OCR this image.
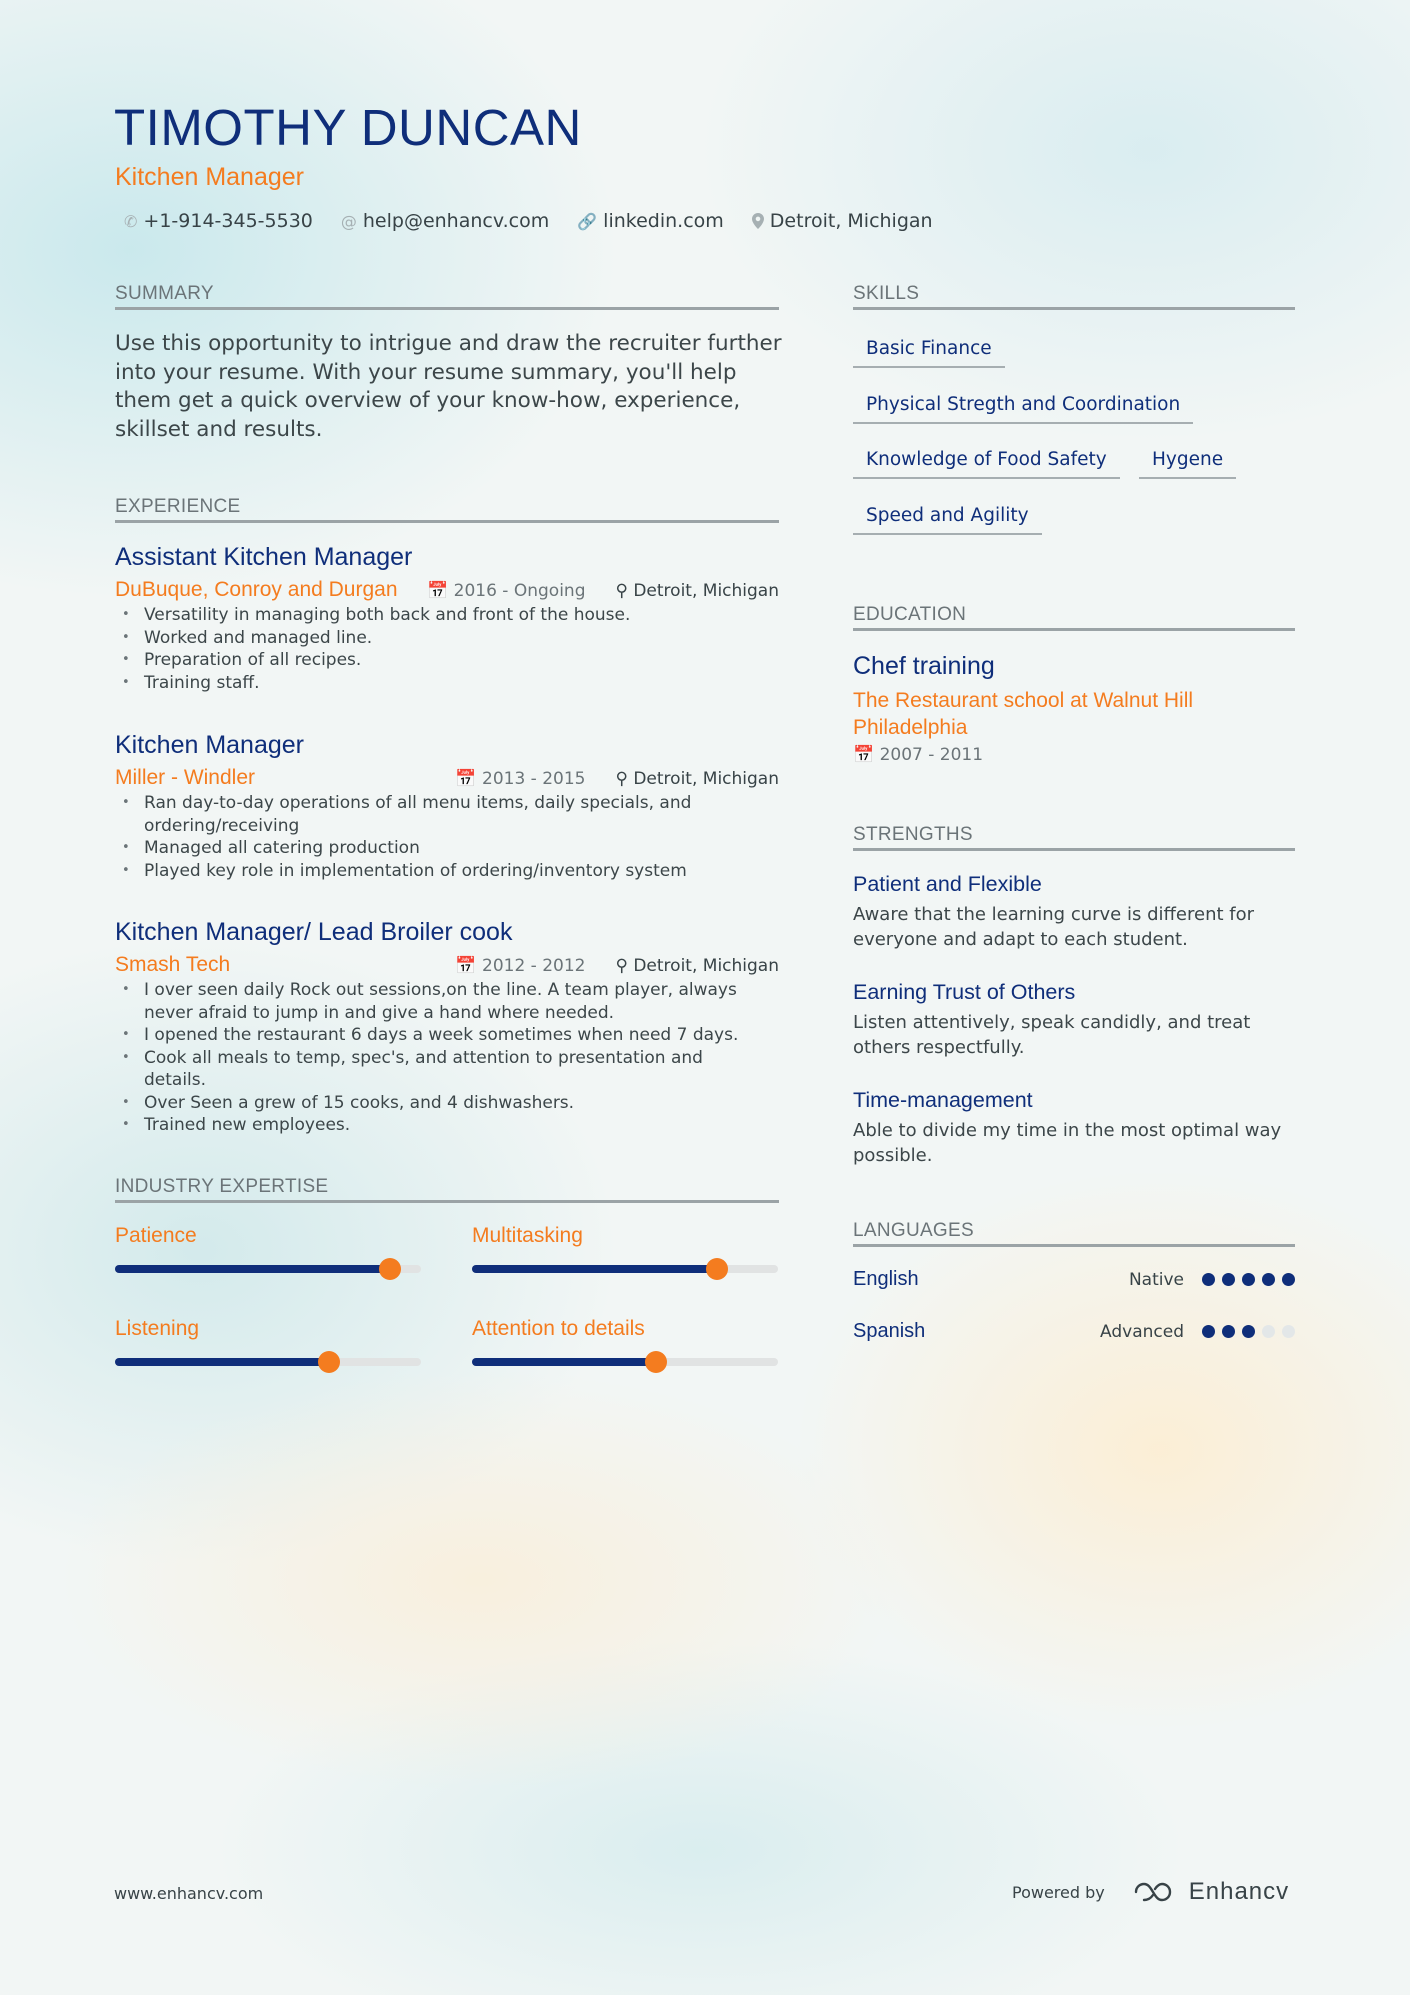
TIMOTHY DUNCAN
Kitchen Manager
✆ +1-914-345-5530 @ help@enhancv.com 🔗 linkedin.com Detroit, Michigan
SUMMARY
Use this opportunity to intrigue and draw the recruiter further into your resume. With your resume summary, you'll help them get a quick overview of your know-how, experience, skillset and results.
EXPERIENCE
Assistant Kitchen Manager
DuBuque, Conroy and Durgan 📅 2016 - Ongoing ⚲ Detroit, Michigan
• Versatility in managing both back and front of the house.
• Worked and managed line.
• Preparation of all recipes.
• Training staff.
Kitchen Manager
Miller - Windler	📅 2013 - 2015 ⚲ Detroit, Michigan
• Ran day-to-day operations of all menu items, daily specials, and ordering/receiving
• Managed all catering production
• Played key role in implementation of ordering/inventory system
Kitchen Manager/ Lead Broiler cook
Smash Tech	📅 2012 - 2012 ⚲ Detroit, Michigan
• I over seen daily Rock out sessions,on the line. A team player, always never afraid to jump in and give a hand where needed.
• I opened the restaurant 6 days a week sometimes when need 7 days.
• Cook all meals to temp, spec's, and attention to presentation and details.
• Over Seen a grew of 15 cooks, and 4 dishwashers.
• Trained new employees.
INDUSTRY EXPERTISE
Patience	Multitasking
Listening	Attention to details
SKILLS
Basic Finance
Physical Stregth and Coordination
Knowledge of Food Safety	Hygene
Speed and Agility
EDUCATION
Chef training
The Restaurant school at Walnut Hill Philadelphia
📅 2007 - 2011
STRENGTHS
Patient and Flexible
Aware that the learning curve is different for everyone and adapt to each student.
Earning Trust of Others
Listen attentively, speak candidly, and treat others respectfully.
Time-management
Able to divide my time in the most optimal way possible.
LANGUAGES
English	Native
Spanish	Advanced
www.enhancv.com	Powered by	Enhancv
